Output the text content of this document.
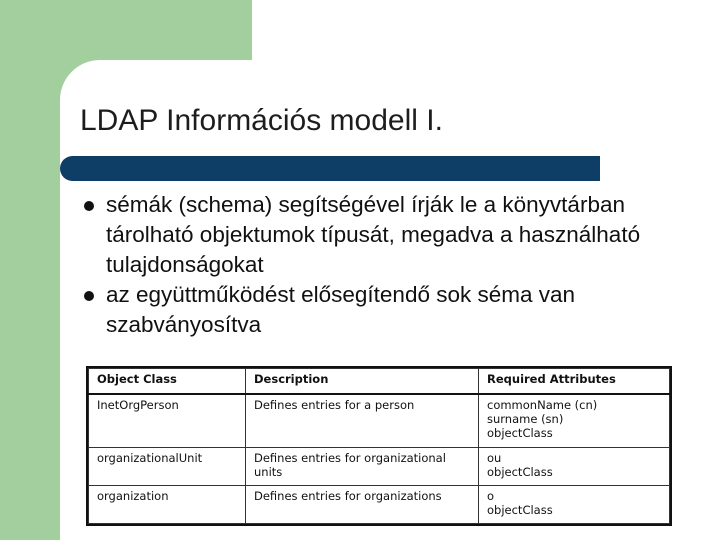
LDAP Információs modell I.
sémák (schema) segítségével írják le a könyvtárban tárolható objektumok típusát, megadva a használható tulajdonságokat
az együttműködést elősegítendő sok séma van szabványosítva
Object Class	Description	Required Attributes
InetOrgPerson	Defines entries for a person	commonName (cn)
surname (sn)
objectClass

organizationalUnit	Defines entries for organizational units	ou
objectClass

organization	Defines entries for organizations	o
objectClass
